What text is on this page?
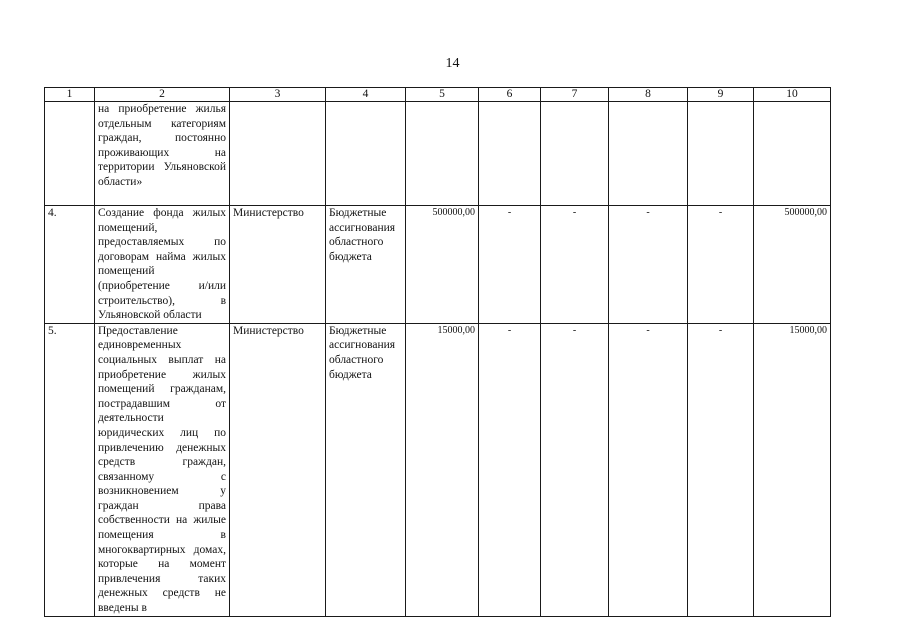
14
1	2	3	4	5	6	7	8	9	10
	на приобретение жилья отдельным категориям граждан, постоянно проживающих на территории Ульяновской области»								
4.	Создание фонда жилых помещений, предоставляемых по договорам найма жилых помещений (приобретение и/или строительство), в Ульяновской области	Министерство	Бюджетные ассигнования областного бюджета	500000,00	-	-	-	-	500000,00
5.	Предоставление единовременных социальных выплат на приобретение жилых помещений гражданам, пострадавшим от деятельности юридических лиц по привлечению денежных средств граждан, связанному с возникновением у граждан права собственности на жилые помещения в многоквартирных домах, которые на момент привлечения таких денежных средств не введены в	Министерство	Бюджетные ассигнования областного бюджета	15000,00	-	-	-	-	15000,00
